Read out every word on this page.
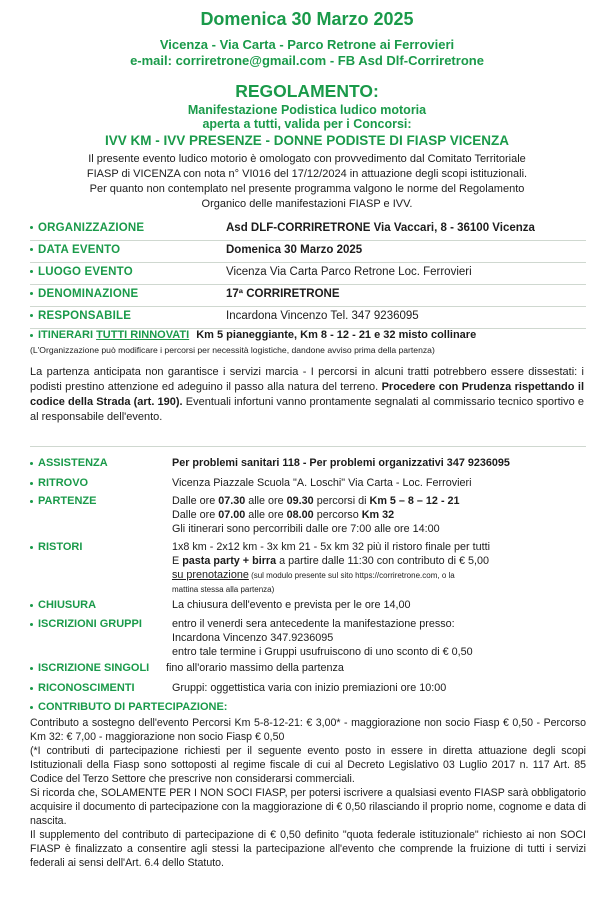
Domenica 30 Marzo 2025
Vicenza - Via Carta - Parco Retrone ai Ferrovieri
e-mail: corriretrone@gmail.com - FB Asd Dlf-Corriretrone
REGOLAMENTO:
Manifestazione Podistica ludico motoria
aperta a tutti, valida per i Concorsi:
IVV KM - IVV PRESENZE - DONNE PODISTE DI FIASP VICENZA
Il presente evento ludico motorio è omologato con provvedimento dal Comitato Territoriale
FIASP di VICENZA con nota n° VI016 del 17/12/2024 in attuazione degli scopi istituzionali.
Per quanto non contemplato nel presente programma valgono le norme del Regolamento
Organico delle manifestazioni FIASP e IVV.
ORGANIZZAZIONE	Asd DLF-CORRIRETRONE Via Vaccari, 8 - 36100 Vicenza
DATA EVENTO	Domenica 30 Marzo 2025
LUOGO EVENTO	Vicenza Via Carta Parco Retrone Loc. Ferrovieri
DENOMINAZIONE	17ª CORRIRETRONE
RESPONSABILE	Incardona Vincenzo Tel. 347 9236095
ITINERARI TUTTI RINNOVATI Km 5 pianeggiante, Km 8 - 12 - 21 e 32 misto collinare
(L'Organizzazione può modificare i percorsi per necessità logistiche, dandone avviso prima della partenza)
La partenza anticipata non garantisce i servizi marcia - I percorsi in alcuni tratti potrebbero essere dissestati: i podisti prestino attenzione ed adeguino il passo alla natura del terreno. Procedere con Prudenza rispettando il codice della Strada (art. 190). Eventuali infortuni vanno prontamente segnalati al commissario tecnico sportivo e al responsabile dell'evento.
ASSISTENZA	Per problemi sanitari 118 - Per problemi organizzativi 347 9236095
RITROVO	Vicenza Piazzale Scuola "A. Loschi" Via Carta - Loc. Ferrovieri
PARTENZE	Dalle ore 07.30 alle ore 09.30 percorsi di Km 5 – 8 – 12 - 21
Dalle ore 07.00 alle ore 08.00 percorso Km 32
Gli itinerari sono percorribili dalle ore 7:00 alle ore 14:00
RISTORI	1x8 km - 2x12 km - 3x km 21 - 5x km 32 più il ristoro finale per tutti
E pasta party + birra a partire dalle 11:30 con contributo di € 5,00
su prenotazione (sul modulo presente sul sito https://corriretrone.com, o la
mattina stessa alla partenza)
CHIUSURA	La chiusura dell'evento e prevista per le ore 14,00
ISCRIZIONI GRUPPI	entro il venerdi sera antecedente la manifestazione presso:
Incardona Vincenzo 347.9236095
entro tale termine i Gruppi usufruiscono di uno sconto di € 0,50
ISCRIZIONE SINGOLI fino all'orario massimo della partenza
RICONOSCIMENTI	Gruppi: oggettistica varia con inizio premiazioni ore 10:00
CONTRIBUTO DI PARTECIPAZIONE:

Contributo a sostegno dell'evento Percorsi Km 5-8-12-21: € 3,00* - maggiorazione non socio Fiasp € 0,50 - Percorso Km 32: € 7,00 - maggiorazione non socio Fiasp € 0,50

(*I contributi di partecipazione richiesti per il seguente evento posto in essere in diretta attuazione degli scopi Istituzionali della Fiasp sono sottoposti al regime fiscale di cui al Decreto Legislativo 03 Luglio 2017 n. 117 Art. 85 Codice del Terzo Settore che prescrive non considerarsi commerciali.

Si ricorda che, SOLAMENTE PER I NON SOCI FIASP, per potersi iscrivere a qualsiasi evento FIASP sarà obbligatorio acquisire il documento di partecipazione con la maggiorazione di € 0,50 rilasciando il proprio nome, cognome e data di nascita.

Il supplemento del contributo di partecipazione di € 0,50 definito "quota federale istituzionale" richiesto ai non SOCI FIASP è finalizzato a consentire agli stessi la partecipazione all'evento che comprende la fruizione di tutti i servizi federali ai sensi dell'Art. 6.4 dello Statuto.
